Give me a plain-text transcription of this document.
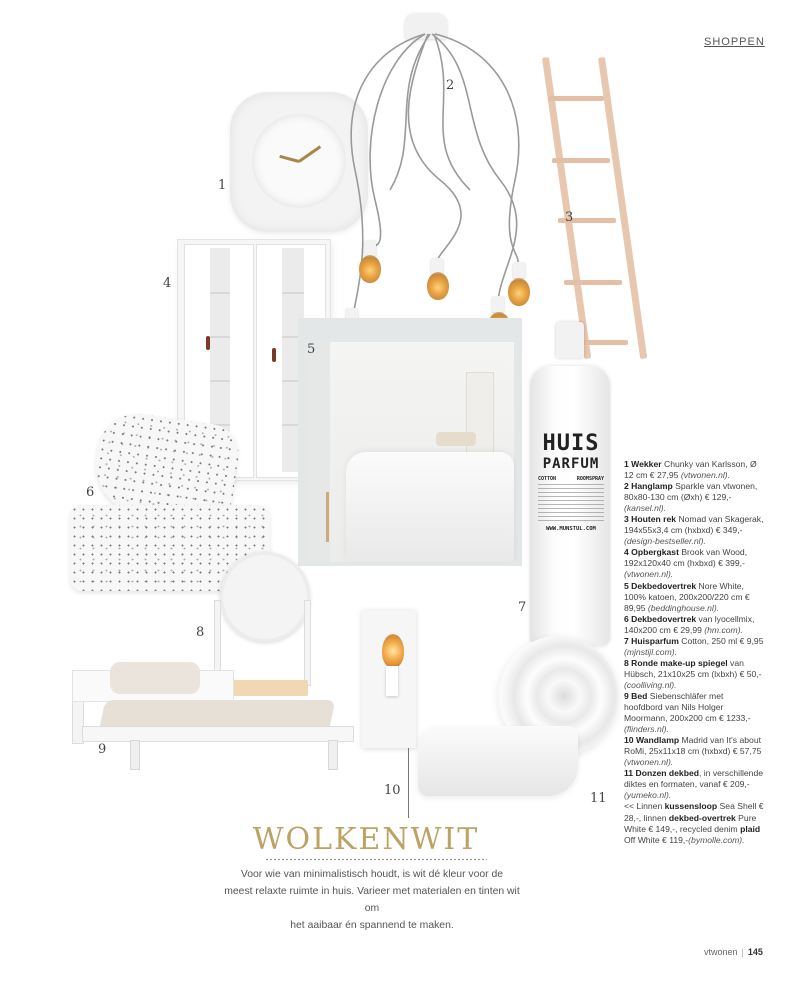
SHOPPEN
1
2
3
4
5
HUIS
PARFUM
COTTON	ROOMSPRAY
WWW.MUNSTUL.COM
7
6
8
9
10
11
1 Wekker Chunky van Karlsson, Ø 12 cm € 27,95 (vtwonen.nl).
2 Hanglamp Sparkle van vtwonen, 80x80-130 cm (Øxh) € 129,-(kansel.nl).
3 Houten rek Nomad van Skagerak, 194x55x3,4 cm (hxbxd) € 349,-(design-bestseller.nl).
4 Opbergkast Brook van Wood, 192x120x40 cm (hxbxd) € 399,-(vtwonen.nl).
5 Dekbedovertrek Nore White, 100% katoen, 200x200/220 cm € 89,95 (beddinghouse.nl).
6 Dekbedovertrek van lyocellmix, 140x200 cm € 29,99 (hm.com).
7 Huisparfum Cotton, 250 ml € 9,95 (mjnstijl.com).
8 Ronde make-up spiegel van Hübsch, 21x10x25 cm (lxbxh) € 50,-(coolliving.nl).
9 Bed Siebenschläfer met hoofdbord van Nils Holger Moormann, 200x200 cm € 1233,-(flinders.nl).
10 Wandlamp Madrid van It's about RoMi, 25x11x18 cm (hxbxd) € 57,75 (vtwonen.nl).
11 Donzen dekbed, in verschillende diktes en formaten, vanaf € 209,-(yumeko.nl).
<< Linnen kussensloop Sea Shell € 28,-, linnen dekbed-overtrek Pure White € 149,-, recycled denim plaid Off White € 119,-(bymolle.com).
WOLKENWIT
Voor wie van minimalistisch houdt, is wit dé kleur voor de
meest relaxte ruimte in huis. Varieer met materialen en tinten wit om
het aaibaar én spannend te maken.
vtwonen | 145
